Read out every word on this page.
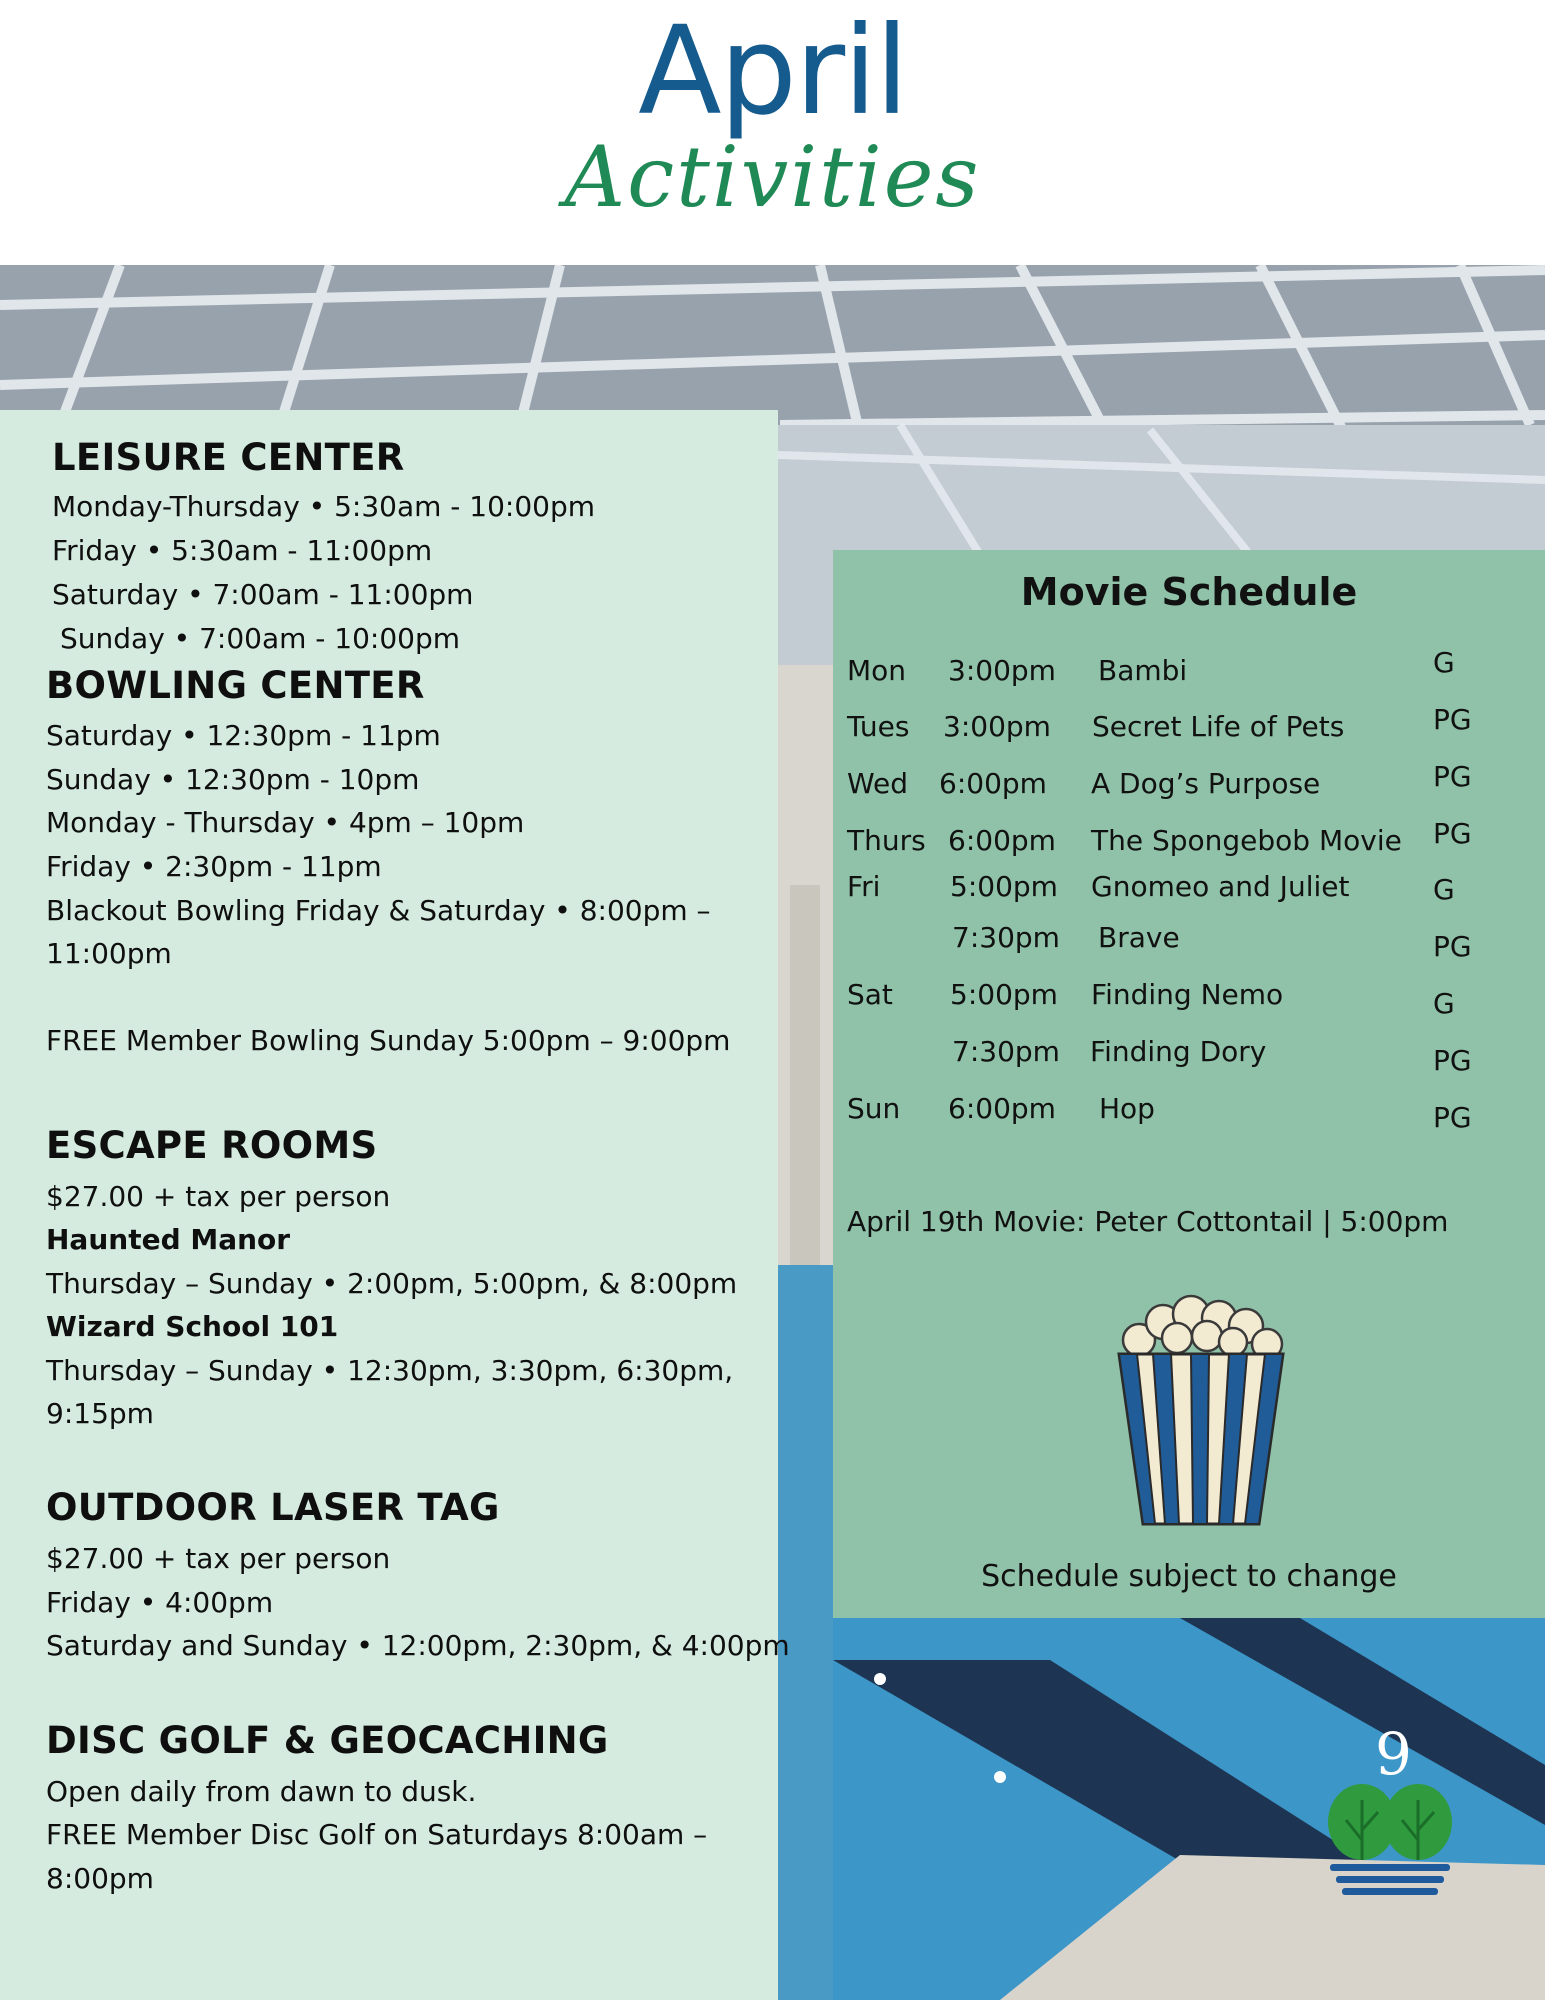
April
Activities
LEISURE CENTER
Monday-Thursday • 5:30am - 10:00pm
Friday • 5:30am - 11:00pm
Saturday • 7:00am - 11:00pm
Sunday • 7:00am - 10:00pm
BOWLING CENTER
Saturday • 12:30pm - 11pm
Sunday • 12:30pm - 10pm
Monday - Thursday • 4pm – 10pm
Friday • 2:30pm - 11pm
Blackout Bowling Friday & Saturday • 8:00pm –
11:00pm
FREE Member Bowling Sunday 5:00pm – 9:00pm
ESCAPE ROOMS
$27.00 + tax per person
Haunted Manor
Thursday – Sunday • 2:00pm, 5:00pm, & 8:00pm
Wizard School 101
Thursday – Sunday • 12:30pm, 3:30pm, 6:30pm,
9:15pm
OUTDOOR LASER TAG
$27.00 + tax per person
Friday • 4:00pm
Saturday and Sunday • 12:00pm, 2:30pm, & 4:00pm
DISC GOLF & GEOCACHING
Open daily from dawn to dusk.
FREE Member Disc Golf on Saturdays 8:00am –
8:00pm
Movie Schedule
Mon 3:00pm Bambi	G
Tues 3:00pm Secret Life of Pets	PG
Wed 6:00pm A Dog’s Purpose	PG
Thurs 6:00pm The Spongebob Movie PG
Fri 5:00pm Gnomeo and Juliet	G
7:30pm Brave	PG
Sat 5:00pm Finding Nemo	G
7:30pm Finding Dory	PG
Sun 6:00pm Hop	PG
April 19th Movie: Peter Cottontail | 5:00pm
Schedule subject to change
9
